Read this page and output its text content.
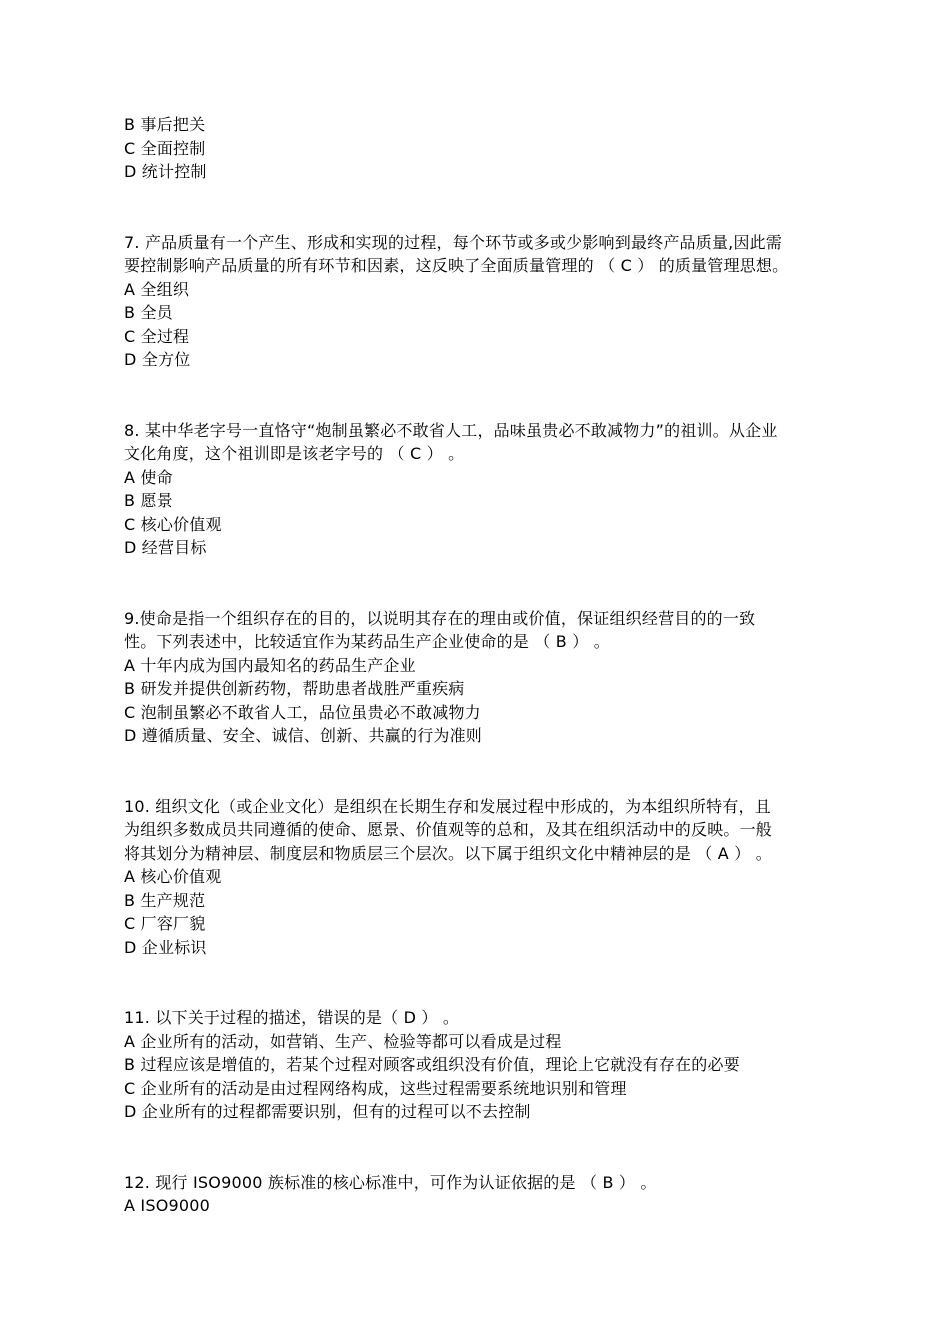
B 事后把关
C 全面控制
D 统计控制
7. 产品质量有一个产生、形成和实现的过程，每个环节或多或少影响到最终产品质量,因此需
要控制影响产品质量的所有环节和因素，这反映了全面质量管理的 （ C ） 的质量管理思想。
A 全组织
B 全员
C 全过程
D 全方位
8. 某中华老字号一直恪守“炮制虽繁必不敢省人工，品味虽贵必不敢减物力”的祖训。从企业
文化角度，这个祖训即是该老字号的 （ C ） 。
A 使命
B 愿景
C 核心价值观
D 经营目标
9.使命是指一个组织存在的目的，以说明其存在的理由或价值，保证组织经营目的的一致
性。下列表述中，比较适宜作为某药品生产企业使命的是 （ B ） 。
A 十年内成为国内最知名的药品生产企业
B 研发并提供创新药物，帮助患者战胜严重疾病
C 泡制虽繁必不敢省人工，品位虽贵必不敢减物力
D 遵循质量、安全、诚信、创新、共赢的行为准则
10. 组织文化（或企业文化）是组织在长期生存和发展过程中形成的，为本组织所特有，且
为组织多数成员共同遵循的使命、愿景、价值观等的总和，及其在组织活动中的反映。一般
将其划分为精神层、制度层和物质层三个层次。以下属于组织文化中精神层的是 （ A ） 。
A 核心价值观
B 生产规范
C 厂容厂貌
D 企业标识
11. 以下关于过程的描述，错误的是（ D ） 。
A 企业所有的活动，如营销、生产、检验等都可以看成是过程
B 过程应该是增值的，若某个过程对顾客或组织没有价值，理论上它就没有存在的必要
C 企业所有的活动是由过程网络构成，这些过程需要系统地识别和管理
D 企业所有的过程都需要识别，但有的过程可以不去控制
12. 现行 ISO9000 族标准的核心标准中，可作为认证依据的是 （ B ） 。
A ISO9000
